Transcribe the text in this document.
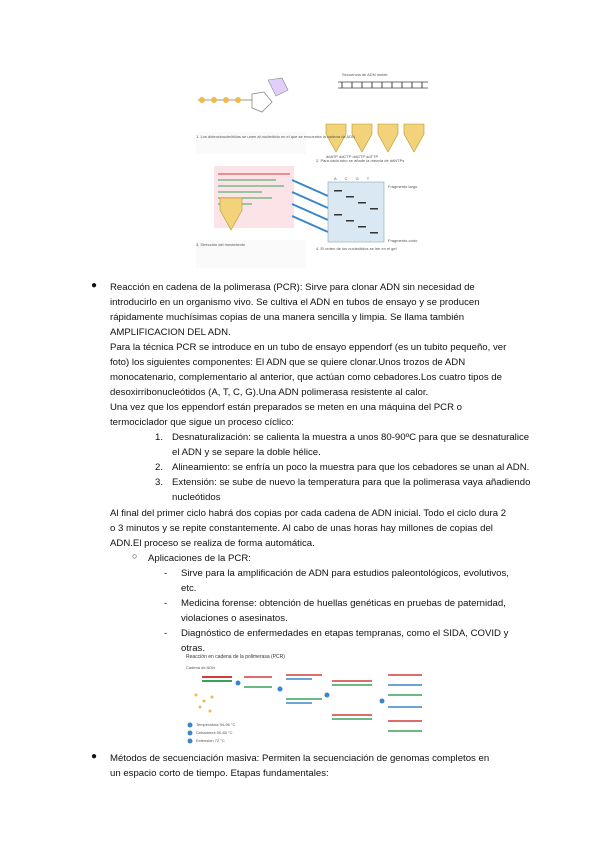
1. Los dideoxinucleótidos se unen al nucleótido en el que se encuentra la cadena de ADN
2. Para cada tubo se añade la mezcla de ddNTPs
3. Dirección del movimiento
4. El orden de los nucleótidos se lee en el gel
Secuencia de ADN molde
ddATP ddCTP ddGTP ddTTP
ACGT
Fragmento largo
Fragmento corto
● Reacción en cadena de la polimerasa (PCR): Sirve para clonar ADN sin necesidad de
introducirlo en un organismo vivo. Se cultiva el ADN en tubos de ensayo y se producen
rápidamente muchísimas copias de una manera sencilla y limpia. Se llama también
AMPLIFICACION DEL ADN.
Para la técnica PCR se introduce en un tubo de ensayo eppendorf (es un tubito pequeño, ver
foto) los siguientes componentes: El ADN que se quiere clonar.Unos trozos de ADN
monocatenario, complementario al anterior, que actúan como cebadores.Los cuatro tipos de
desoxirribonucleótidos (A, T, C, G).Una ADN polimerasa resistente al calor.
Una vez que los eppendorf están preparados se meten en una máquina del PCR o
termociclador que sigue un proceso cíclico:
1. Desnaturalización: se calienta la muestra a unos 80-90ºC para que se desnaturalice
el ADN y se separe la doble hélice.
2. Alineamiento: se enfría un poco la muestra para que los cebadores se unan al ADN.
3. Extensión: se sube de nuevo la temperatura para que la polimerasa vaya añadiendo
nucleótidos
Al final del primer ciclo habrá dos copias por cada cadena de ADN inicial. Todo el ciclo dura 2
o 3 minutos y se repite constantemente. Al cabo de unas horas hay millones de copias del
ADN.El proceso se realiza de forma automática.
○ Aplicaciones de la PCR:
- Sirve para la amplificación de ADN para estudios paleontológicos, evolutivos,
etc.
- Medicina forense: obtención de huellas genéticas en pruebas de paternidad,
violaciones o asesinatos.
- Diagnóstico de enfermedades en etapas tempranas, como el SIDA, COVID y
otras.
Reacción en cadena de la polimerasa (PCR)
Cadena de ADN
Temperatura 94-96 °C
Cebadores 50-65 °C
Extensión 72 °C
● Métodos de secuenciación masiva: Permiten la secuenciación de genomas completos en
un espacio corto de tiempo. Etapas fundamentales:
